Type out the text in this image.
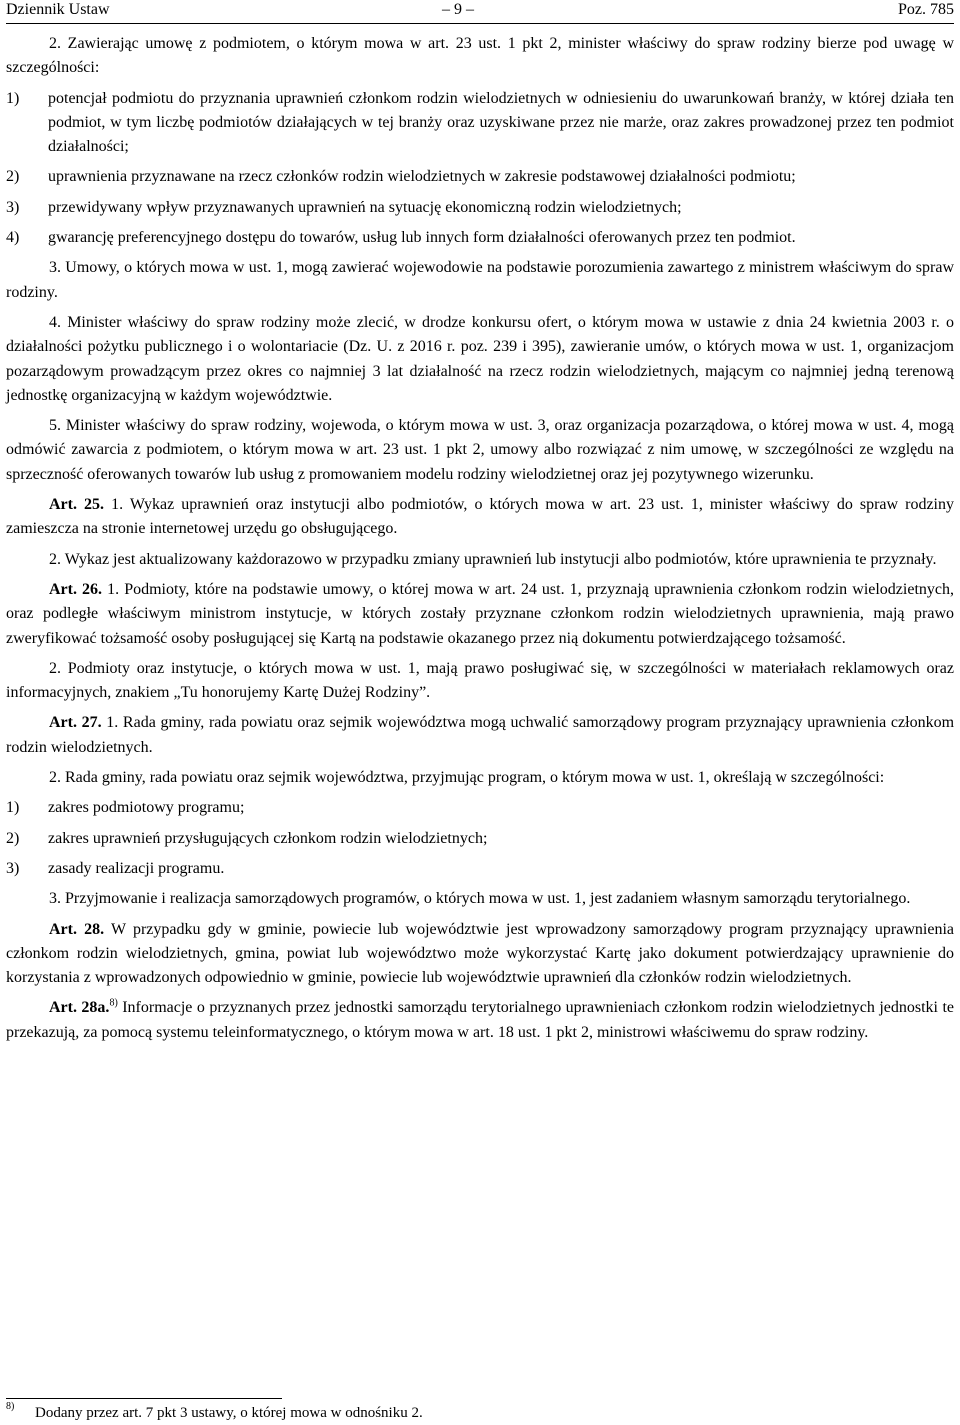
Dziennik Ustaw	– 9 –	Poz. 785

2. Zawierając umowę z podmiotem, o którym mowa w art. 23 ust. 1 pkt 2, minister właściwy do spraw rodziny bierze pod uwagę w szczególności:

1) potencjał podmiotu do przyznania uprawnień członkom rodzin wielodzietnych w odniesieniu do uwarunkowań branży, w której działa ten podmiot, w tym liczbę podmiotów działających w tej branży oraz uzyskiwane przez nie marże, oraz zakres prowadzonej przez ten podmiot działalności;
2) uprawnienia przyznawane na rzecz członków rodzin wielodzietnych w zakresie podstawowej działalności podmiotu;
3) przewidywany wpływ przyznawanych uprawnień na sytuację ekonomiczną rodzin wielodzietnych;
4) gwarancję preferencyjnego dostępu do towarów, usług lub innych form działalności oferowanych przez ten podmiot.

3. Umowy, o których mowa w ust. 1, mogą zawierać wojewodowie na podstawie porozumienia zawartego z ministrem właściwym do spraw rodziny.

4. Minister właściwy do spraw rodziny może zlecić, w drodze konkursu ofert, o którym mowa w ustawie z dnia 24 kwietnia 2003 r. o działalności pożytku publicznego i o wolontariacie (Dz. U. z 2016 r. poz. 239 i 395), zawieranie umów, o których mowa w ust. 1, organizacjom pozarządowym prowadzącym przez okres co najmniej 3 lat działalność na rzecz rodzin wielodzietnych, mającym co najmniej jedną terenową jednostkę organizacyjną w każdym województwie.

5. Minister właściwy do spraw rodziny, wojewoda, o którym mowa w ust. 3, oraz organizacja pozarządowa, o której mowa w ust. 4, mogą odmówić zawarcia z podmiotem, o którym mowa w art. 23 ust. 1 pkt 2, umowy albo rozwiązać z nim umowę, w szczególności ze względu na sprzeczność oferowanych towarów lub usług z promowaniem modelu rodziny wielodzietnej oraz jej pozytywnego wizerunku.

Art. 25. 1. Wykaz uprawnień oraz instytucji albo podmiotów, o których mowa w art. 23 ust. 1, minister właściwy do spraw rodziny zamieszcza na stronie internetowej urzędu go obsługującego.

2. Wykaz jest aktualizowany każdorazowo w przypadku zmiany uprawnień lub instytucji albo podmiotów, które uprawnienia te przyznały.

Art. 26. 1. Podmioty, które na podstawie umowy, o której mowa w art. 24 ust. 1, przyznają uprawnienia członkom rodzin wielodzietnych, oraz podległe właściwym ministrom instytucje, w których zostały przyznane członkom rodzin wielodzietnych uprawnienia, mają prawo zweryfikować tożsamość osoby posługującej się Kartą na podstawie okazanego przez nią dokumentu potwierdzającego tożsamość.

2. Podmioty oraz instytucje, o których mowa w ust. 1, mają prawo posługiwać się, w szczególności w materiałach reklamowych oraz informacyjnych, znakiem „Tu honorujemy Kartę Dużej Rodziny”.

Art. 27. 1. Rada gminy, rada powiatu oraz sejmik województwa mogą uchwalić samorządowy program przyznający uprawnienia członkom rodzin wielodzietnych.

2. Rada gminy, rada powiatu oraz sejmik województwa, przyjmując program, o którym mowa w ust. 1, określają w szczególności:

1) zakres podmiotowy programu;
2) zakres uprawnień przysługujących członkom rodzin wielodzietnych;
3) zasady realizacji programu.

3. Przyjmowanie i realizacja samorządowych programów, o których mowa w ust. 1, jest zadaniem własnym samorządu terytorialnego.

Art. 28. W przypadku gdy w gminie, powiecie lub województwie jest wprowadzony samorządowy program przyznający uprawnienia członkom rodzin wielodzietnych, gmina, powiat lub województwo może wykorzystać Kartę jako dokument potwierdzający uprawnienie do korzystania z wprowadzonych odpowiednio w gminie, powiecie lub województwie uprawnień dla członków rodzin wielodzietnych.

Art. 28a.$^{8)}$ Informacje o przyznanych przez jednostki samorządu terytorialnego uprawnieniach członkom rodzin wielodzietnych jednostki te przekazują, za pomocą systemu teleinformatycznego, o którym mowa w art. 18 ust. 1 pkt 2, ministrowi właściwemu do spraw rodziny.

8) Dodany przez art. 7 pkt 3 ustawy, o której mowa w odnośniku 2.
